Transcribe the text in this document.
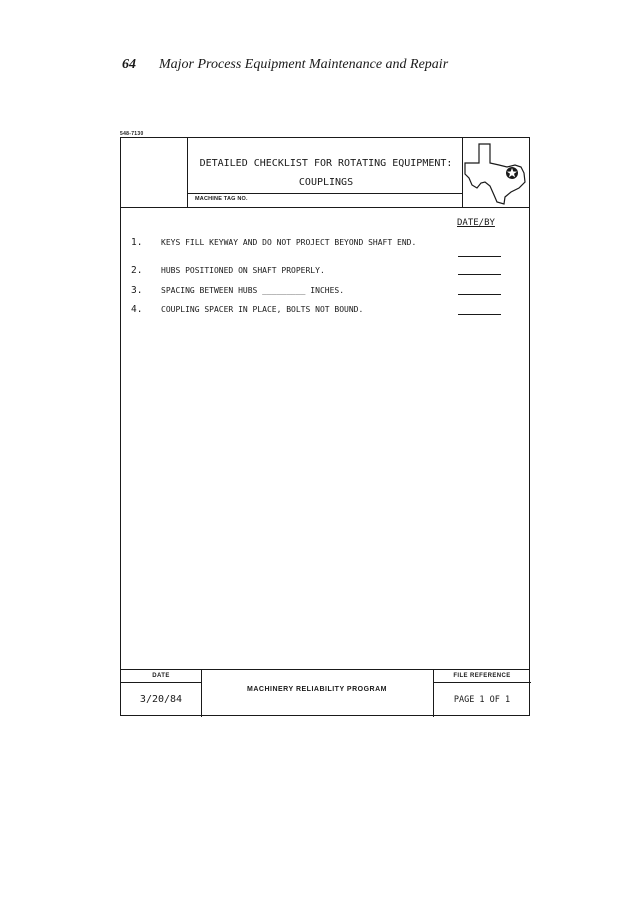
64 Major Process Equipment Maintenance and Repair
548-7130
DETAILED CHECKLIST FOR ROTATING EQUIPMENT:
COUPLINGS
MACHINE TAG NO.
DATE/BY
1. KEYS FILL KEYWAY AND DO NOT PROJECT BEYOND SHAFT END.
2. HUBS POSITIONED ON SHAFT PROPERLY.
3. SPACING BETWEEN HUBS _________ INCHES.
4. COUPLING SPACER IN PLACE, BOLTS NOT BOUND.
DATE
3/20/84
MACHINERY RELIABILITY PROGRAM
FILE REFERENCE
PAGE 1 OF 1
